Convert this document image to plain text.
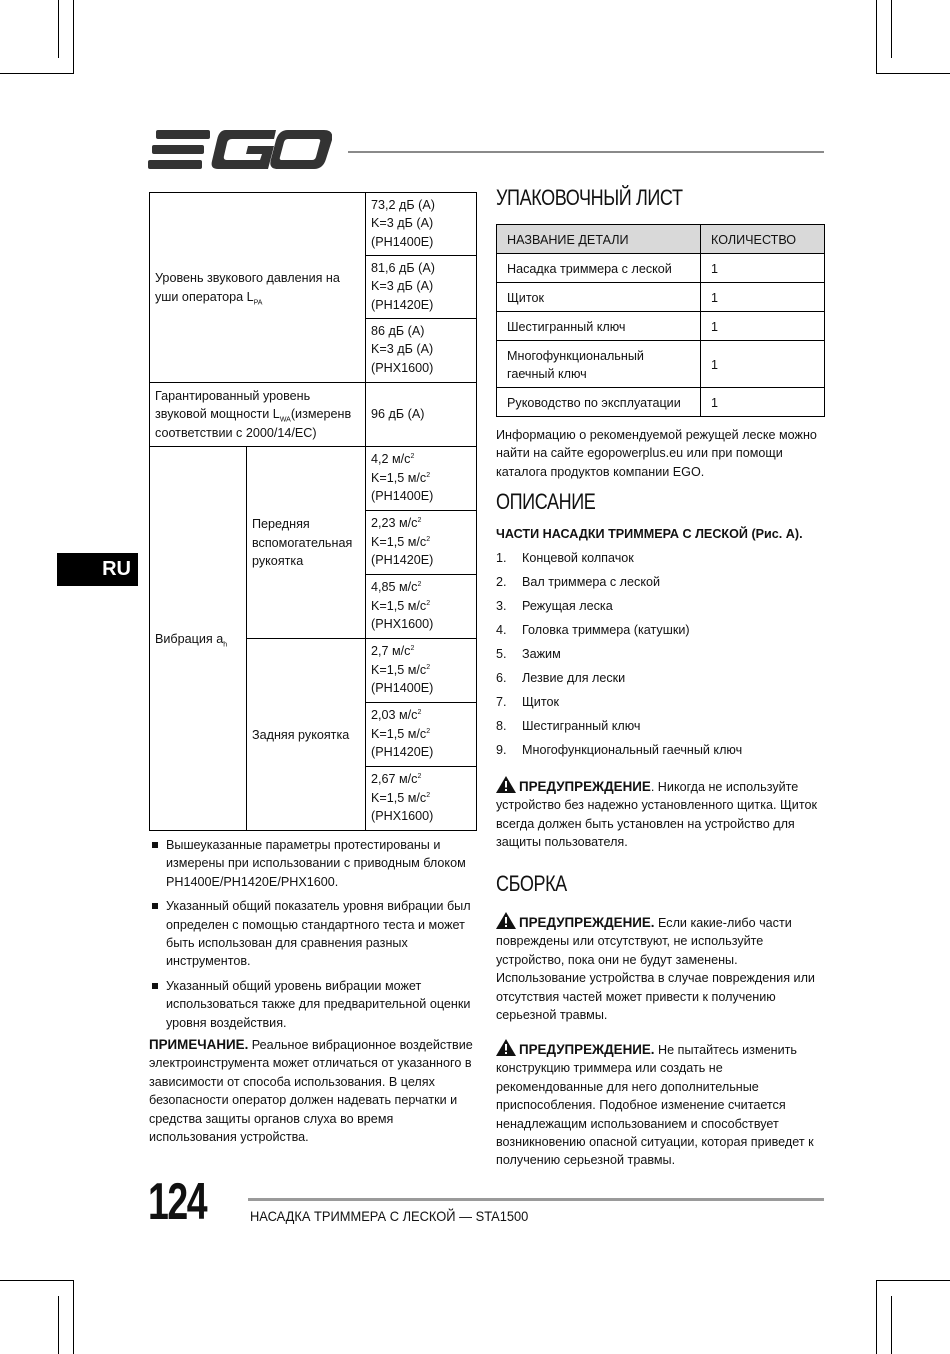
RU
Уровень звукового давления на уши оператора $L_{PA}$		73,2 дБ (A)
K=3 дБ (A)
(PH1400E)
		81,6 дБ (A)
K=3 дБ (A)
(PH1420E)
		86 дБ (A)
K=3 дБ (A)
(PHX1600)
Гарантированный уровень звуковой мощности $L_{WA}(измеренв$ соответствии с 2000/14/EC)		96 дБ (A)
Вибрация $a_h$	Передняя вспомогательная рукоятка	4,2 $м/с^2$
K=1,5 $м/с^2$
(PH1400E)
		2,23 $м/с^2$
K=1,5 $м/с^2$
(PH1420E)
		4,85 $м/с^2$
K=1,5 $м/с^2$
(PHX1600)
	Задняя рукоятка	2,7 $м/с^2$
K=1,5 $м/с^2$
(PH1400E)
		2,03 $м/с^2$
K=1,5 $м/с^2$
(PH1420E)
		2,67 $м/с^2$
K=1,5 $м/с^2$
(PHX1600)
Вышеуказанные параметры протестированы и измерены при использовании с приводным блоком PH1400E/PH1420E/PHX1600.
Указанный общий показатель уровня вибрации был определен с помощью стандартного теста и может быть использован для сравнения разных инструментов.
Указанный общий уровень вибрации может использоваться также для предварительной оценки уровня воздействия.

ПРИМЕЧАНИЕ. Реальное вибрационное воздействие электроинструмента может отличаться от указанного в зависимости от способа использования. В целях безопасности оператор должен надевать перчатки и средства защиты органов слуха во время использования устройства.

УПАКОВОЧНЫЙ ЛИСТ
НАЗВАНИЕ ДЕТАЛИ	КОЛИЧЕСТВО
Насадка триммера с леской	1
Щиток	1
Шестигранный ключ	1
Многофункциональный гаечный ключ	1
Руководство по эксплуатации	1

Информацию о рекомендуемой режущей леске можно найти на сайте egopowerplus.eu или при помощи каталога продуктов компании EGO.

ОПИСАНИЕ

ЧАСТИ НАСАДКИ ТРИММЕРА С ЛЕСКОЙ (Рис. A).

1. Концевой колпачок
2. Вал триммера с леской
3. Режущая леска
4. Головка триммера (катушки)
5. Зажим
6. Лезвие для лески
7. Щиток
8. Шестигранный ключ
9. Многофункциональный гаечный ключ

ПРЕДУПРЕЖДЕНИЕ. Никогда не используйте устройство без надежно установленного щитка. Щиток всегда должен быть установлен на устройство для защиты пользователя.

СБОРКА

ПРЕДУПРЕЖДЕНИЕ. Если какие-либо части повреждены или отсутствуют, не используйте устройство, пока они не будут заменены. Использование устройства в случае повреждения или отсутствия частей может привести к получению серьезной травмы.

ПРЕДУПРЕЖДЕНИЕ. Не пытайтесь изменить конструкцию триммера или создать не рекомендованные для него дополнительные приспособления. Подобное изменение считается ненадлежащим использованием и способствует возникновению опасной ситуации, которая приведет к получению серьезной травмы.

124	НАСАДКА ТРИММЕРА С ЛЕСКОЙ — STA1500
